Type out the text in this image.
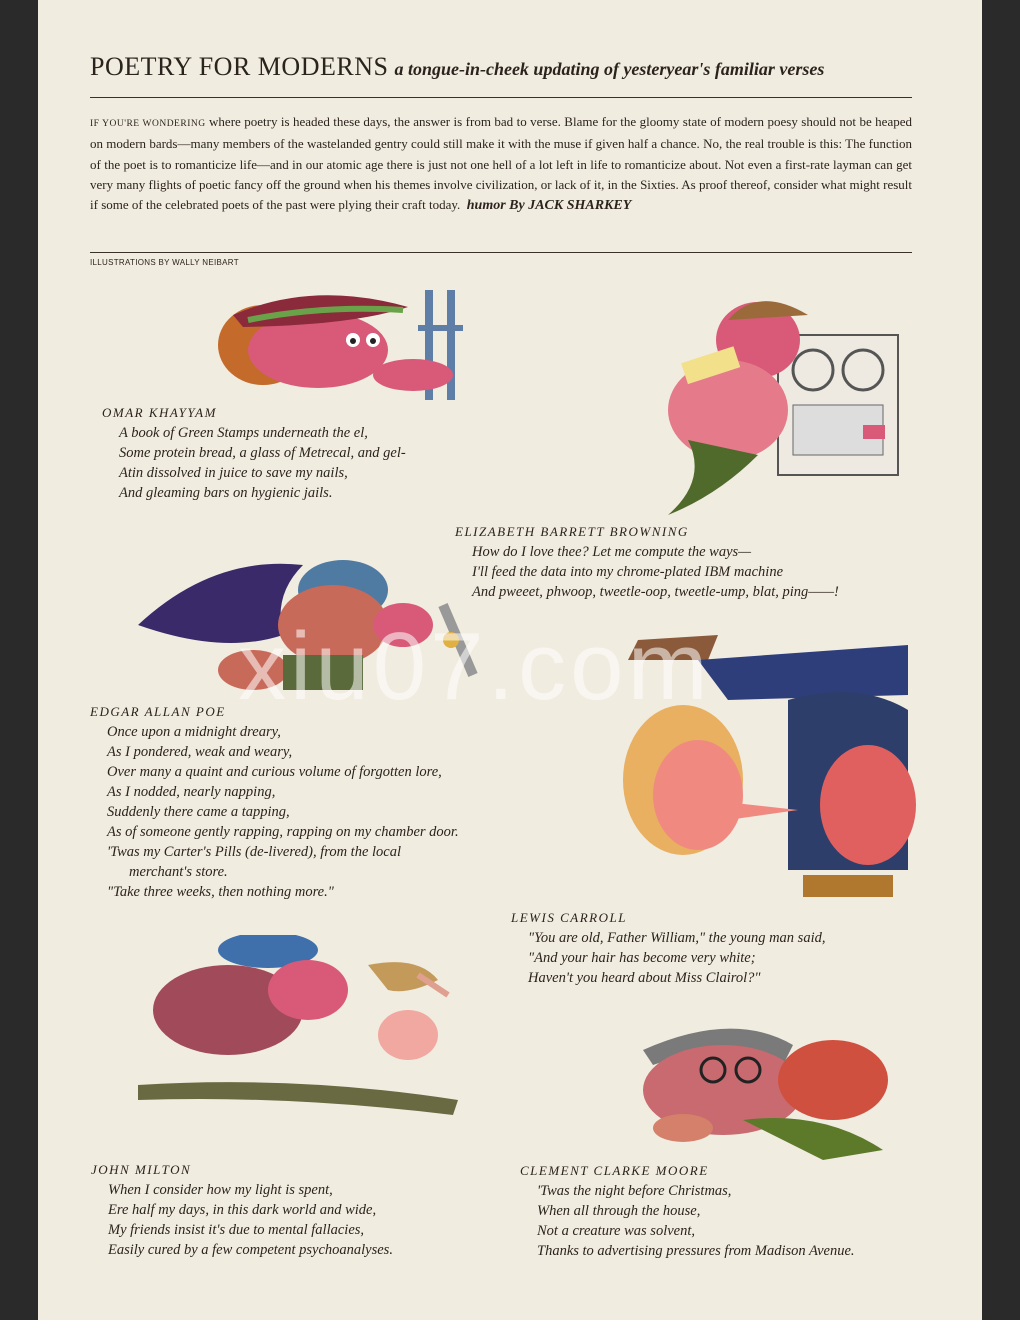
POETRY FOR MODERNS a tongue-in-cheek updating of yesteryear's familiar verses
IF YOU'RE WONDERING where poetry is headed these days, the answer is from bad to verse. Blame for the gloomy state of modern poesy should not be heaped on modern bards—many members of the wastelanded gentry could still make it with the muse if given half a chance. No, the real trouble is this: The function of the poet is to romanticize life—and in our atomic age there is just not one hell of a lot left in life to romanticize about. Not even a first-rate layman can get very many flights of poetic fancy off the ground when his themes involve civilization, or lack of it, in the Sixties. As proof thereof, consider what might result if some of the celebrated poets of the past were plying their craft today. humor By JACK SHARKEY
ILLUSTRATIONS BY WALLY NEIBART
OMAR KHAYYAM
A book of Green Stamps underneath the el,
Some protein bread, a glass of Metrecal, and gel-
Atin dissolved in juice to save my nails,
And gleaming bars on hygienic jails.
ELIZABETH BARRETT BROWNING
How do I love thee? Let me compute the ways—
I'll feed the data into my chrome-plated IBM machine
And pweeet, phwoop, tweetle-oop, tweetle-ump, blat, ping——!
EDGAR ALLAN POE
Once upon a midnight dreary,
As I pondered, weak and weary,
Over many a quaint and curious volume of forgotten lore,
As I nodded, nearly napping,
Suddenly there came a tapping,
As of someone gently rapping, rapping on my chamber door.
'Twas my Carter's Pills (de-livered), from the local
merchant's store.
"Take three weeks, then nothing more."
LEWIS CARROLL
"You are old, Father William," the young man said,
"And your hair has become very white;
Haven't you heard about Miss Clairol?"
JOHN MILTON
When I consider how my light is spent,
Ere half my days, in this dark world and wide,
My friends insist it's due to mental fallacies,
Easily cured by a few competent psychoanalyses.
CLEMENT CLARKE MOORE
'Twas the night before Christmas,
When all through the house,
Not a creature was solvent,
Thanks to advertising pressures from Madison Avenue.
xiu07.com
